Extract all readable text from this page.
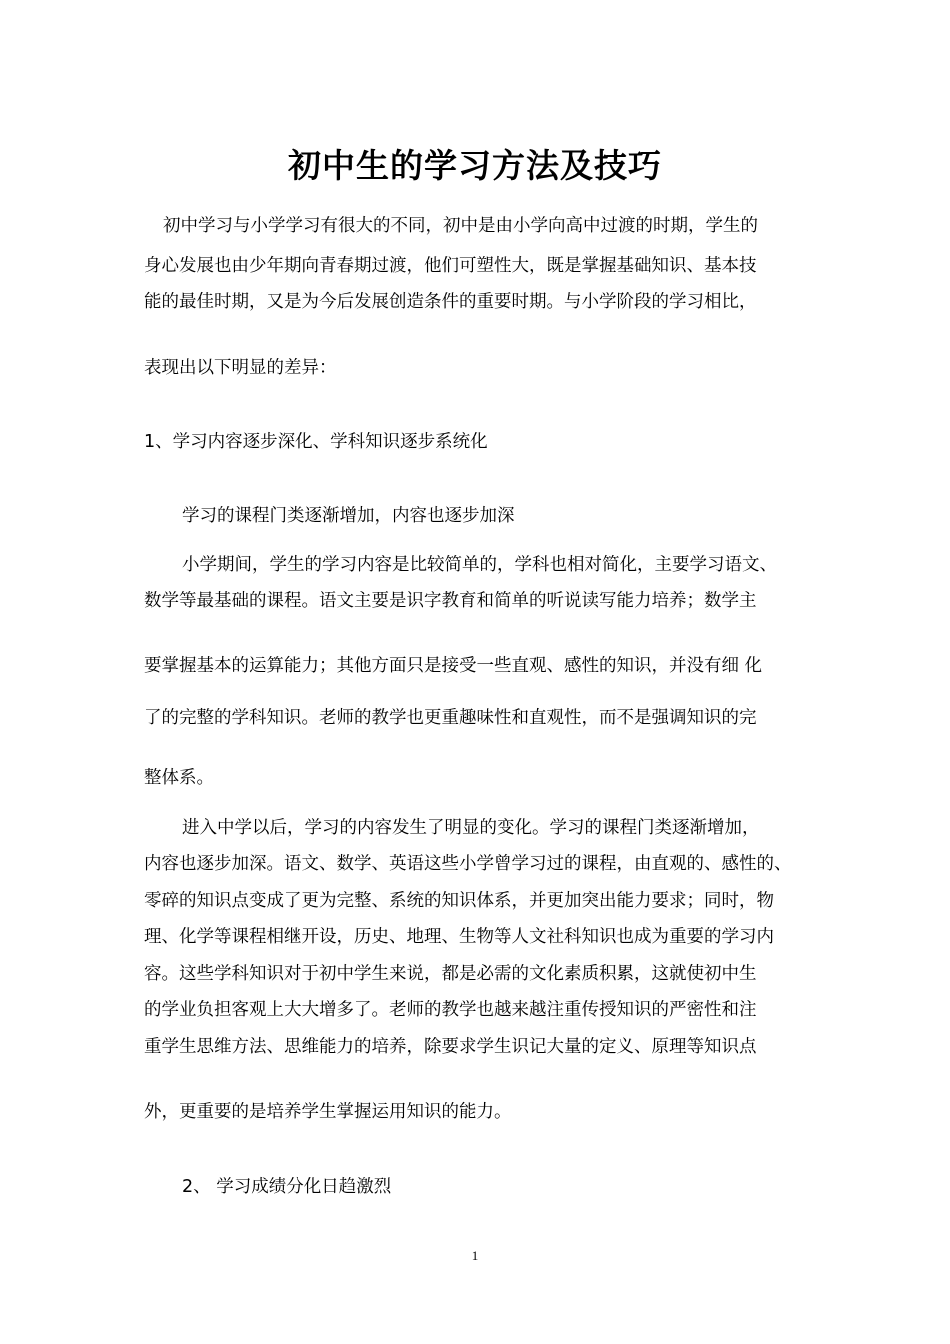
初中生的学习方法及技巧
初中学习与小学学习有很大的不同，初中是由小学向高中过渡的时期，学生的
身心发展也由少年期向青春期过渡，他们可塑性大，既是掌握基础知识、基本技
能的最佳时期，又是为今后发展创造条件的重要时期。与小学阶段的学习相比，
表现出以下明显的差异：
1、学习内容逐步深化、学科知识逐步系统化
学习的课程门类逐渐增加，内容也逐步加深
小学期间，学生的学习内容是比较简单的，学科也相对简化，主要学习语文、
数学等最基础的课程。语文主要是识字教育和简单的听说读写能力培养；数学主
要掌握基本的运算能力；其他方面只是接受一些直观、感性的知识，并没有细 化
了的完整的学科知识。老师的教学也更重趣味性和直观性，而不是强调知识的完
整体系。
进入中学以后，学习的内容发生了明显的变化。学习的课程门类逐渐增加，
内容也逐步加深。语文、数学、英语这些小学曾学习过的课程，由直观的、感性的、
零碎的知识点变成了更为完整、系统的知识体系，并更加突出能力要求；同时，物
理、化学等课程相继开设，历史、地理、生物等人文社科知识也成为重要的学习内
容。这些学科知识对于初中学生来说，都是必需的文化素质积累，这就使初中生
的学业负担客观上大大增多了。老师的教学也越来越注重传授知识的严密性和注
重学生思维方法、思维能力的培养，除要求学生识记大量的定义、原理等知识点
外，更重要的是培养学生掌握运用知识的能力。
2、 学习成绩分化日趋激烈
1
